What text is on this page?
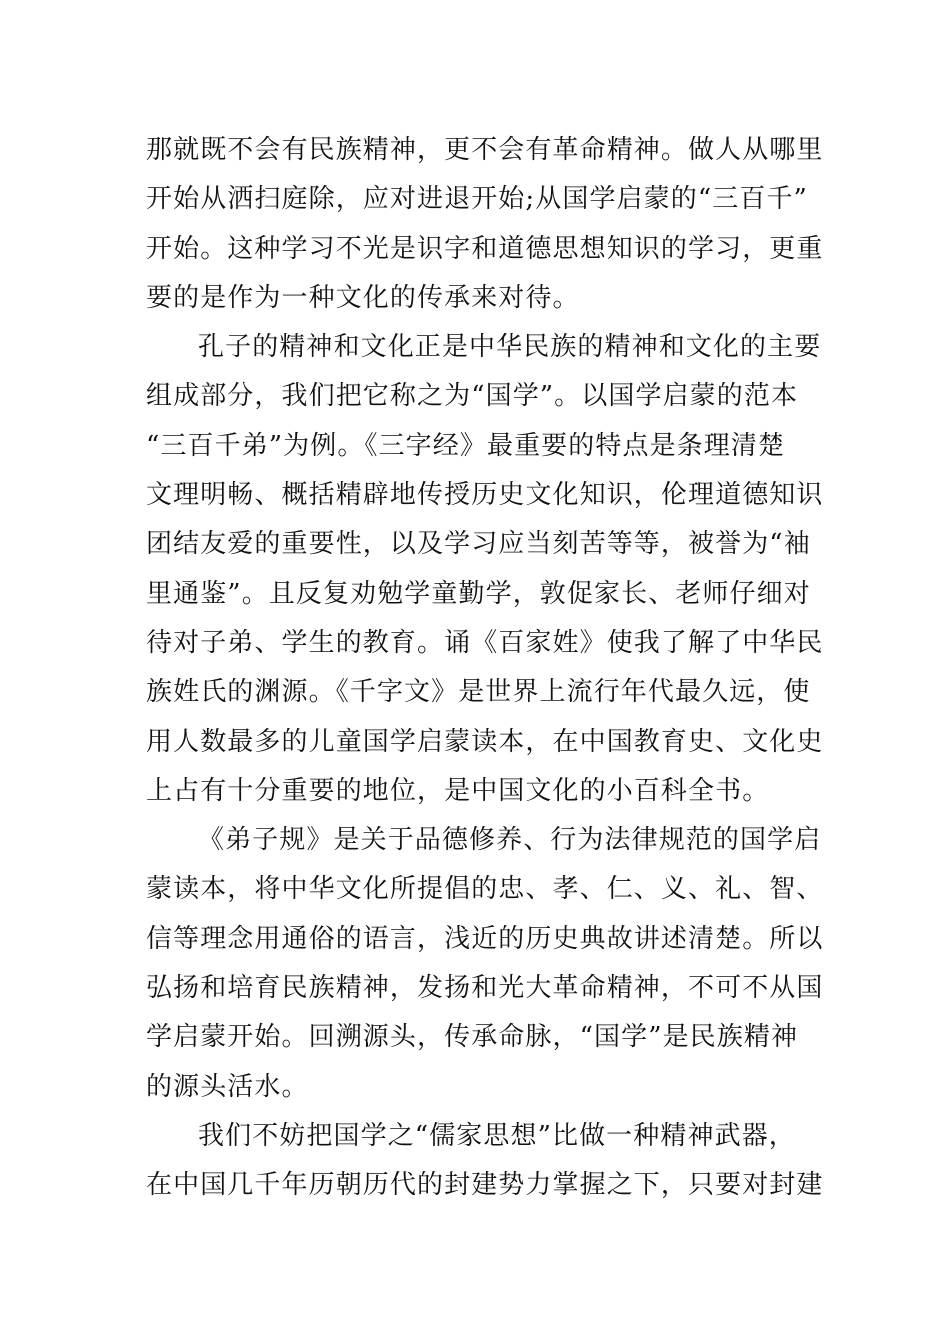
那就既不会有民族精神，更不会有革命精神。做人从哪里
开始从洒扫庭除，应对进退开始;从国学启蒙的“三百千”
开始。这种学习不光是识字和道德思想知识的学习，更重
要的是作为一种文化的传承来对待。
孔子的精神和文化正是中华民族的精神和文化的主要
组成部分，我们把它称之为“国学”。以国学启蒙的范本
“三百千弟”为例。《三字经》最重要的特点是条理清楚
文理明畅、概括精辟地传授历史文化知识，伦理道德知识
团结友爱的重要性，以及学习应当刻苦等等，被誉为“袖
里通鉴”。且反复劝勉学童勤学，敦促家长、老师仔细对
待对子弟、学生的教育。诵《百家姓》使我了解了中华民
族姓氏的渊源。《千字文》是世界上流行年代最久远，使
用人数最多的儿童国学启蒙读本，在中国教育史、文化史
上占有十分重要的地位，是中国文化的小百科全书。
《弟子规》是关于品德修养、行为法律规范的国学启
蒙读本，将中华文化所提倡的忠、孝、仁、义、礼、智、
信等理念用通俗的语言，浅近的历史典故讲述清楚。所以
弘扬和培育民族精神，发扬和光大革命精神，不可不从国
学启蒙开始。回溯源头，传承命脉，“国学”是民族精神
的源头活水。
我们不妨把国学之“儒家思想”比做一种精神武器，
在中国几千年历朝历代的封建势力掌握之下，只要对封建
